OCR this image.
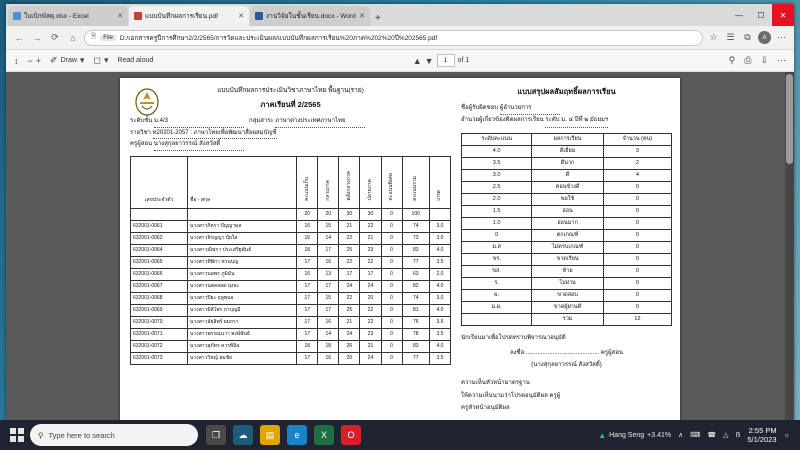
ใบเบิกพัสดุ.xlsx - Excel	✕	แบบบันทึกผลการเรียน.pdf	✕	งานวิจัยในชั้นเรียน.docx - Word ✕	+	—	☐	✕
← →	⟳	⌂	🗎	File	D:/เอกสารครูปีการศึกษา2/2/2565/การวัดและประเมินผล/แบบบันทึกผลการเรียน%20ภาค%202%20ปี%202565.pdf	☆ ☰	⧉	A	⋯
↕ − + ✐ Draw ▾ ◻ ▾ Read aloud	▲ ▼	1	of 1	⚲ ⎙ ⇩ ⋯
แบบบันทึกผลการประเมินวิชาภาษาไทย พื้นฐาน(ราย)
ภาคเรียนที่ 2/2565
ระดับชั้น ม.4/3	กลุ่มสาระ ภาษาต่างประเทศภาษาไทย
รายวิชา ท20201-2057 : ภาษาไทยเพื่อพัฒนาสื่อผสมบัญชี
ครูผู้สอน นางสุกุลยาวรรณ์ สังสวัสดิ์
เลขประจำตัว	ชื่อ - สกุล	คะแนนเก็บ	กลางภาค	หลังกลางภาค	ปลายภาค	คะแนนพิเศษ	คะแนนรวม	เกรด
		20	20	30	30	0	100	
632001-0061	นางสาวกิตรา ปัญญาดุล	16	15	21	22	0	74	3.0
632001-0062	นางสาวจิรญญา ปุ๋ยใส	16	14	22	21	0	73	3.0
632001-0064	นางสาวณิชกา ประเสริฐพันธ์	18	17	25	23	0	83	4.0
632001-0065	นางสาวทิพิกา ชวนบุญ	17	16	22	22	0	77	3.5
632001-0066	นางสาวนลพร ภูมิมั่น	16	13	17	17	0	63	2.0
632001-0067	นางสาวนสดลลด บุ่งจะ	17	17	24	24	0	82	4.0
632001-0068	นางสาวปิยะ ฤดูพนจ	17	15	22	20	0	74	3.0
632001-0069	นางสาวมิลิไพร ภาบุญมี	17	17	25	22	0	81	4.0
632001-0070	นางสาวลัยลิพร์ ผมกรา	17	16	21	22	0	76	3.5
632001-0071	นางสาวพรรณนวา พงษ์พันธ์	17	14	24	23	0	78	3.5
632001-0072	นางสาวสุภัทร ควรพินิจ	18	18	26	21	0	83	4.0
632001-0073	นางสาววิชญ์ สมชัย	17	16	20	24	0	77	3.5
แบบสรุปผลสัมฤทธิ์ผลการเรียน
ชื่อผู้รับผิดชอบ ผู้อำนวยการ
อำนวยผู้เกี่ยวข้องติดผลการเรียน ระดับ ม. ๔ ปีที่ ๒ มัธยมฯ
ระดับคะแนน	ผลการเรียน	จำนวน (คน)
4.0	ดีเยี่ยม	3
3.5	ดีมาก	2
3.0	ดี	4
2.5	ค่อนข้างดี	0
2.0	พอใช้	0
1.5	อ่อน	0
1.0	อ่อนมาก	0
0	ตกเกณฑ์	0
ม.ส	ไม่ครบเกณฑ์	0
ขร.	ขาดเรียน	0
ขส.	ท้าย	0
ร.	ไม่ผ่าน	0
ผ.	ขาดสอบ	0
ม.ผ.	ขาดผู้ผ่านดี	0
	รวม	12
นักเรียนมาเพื่อโปรดทราบพิจารณาอนุมัติ
ลงชื่อ ............................................ ครูผู้สอน
(นางสุกุลยาวรรณ์ สังสวัสดิ์)
ความเห็นหัวหน้ามาตรฐาน
ให้ความเห็นนามว่าโปรดอนุมัติผล ครูผู้
ครูหัวหน้าอนุมัติผล
⚲ Type here to search	❐	☁	▤	e	X	O	▲ Hang Seng +3.41% ∧ ⌨ ☎ △ ẞ
2:55 PM
5/1/2023 ☼
